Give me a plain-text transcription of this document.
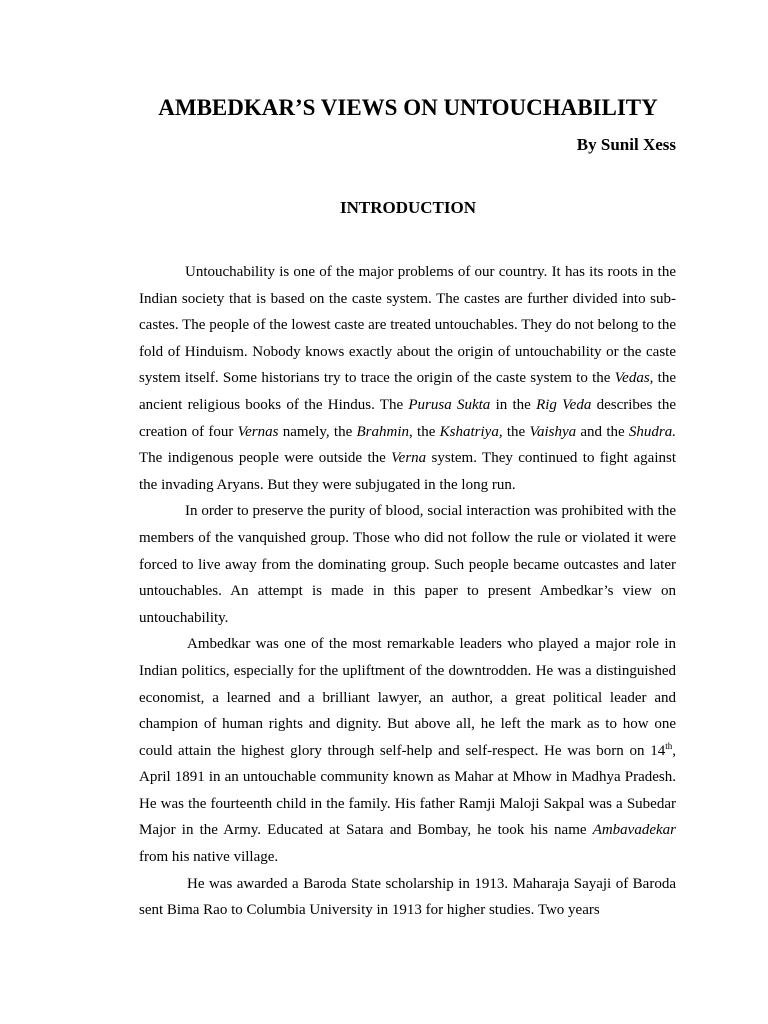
AMBEDKAR’S VIEWS ON UNTOUCHABILITY
By Sunil Xess
INTRODUCTION

Untouchability is one of the major problems of our country. It has its roots in the Indian society that is based on the caste system. The castes are further divided into sub-castes. The people of the lowest caste are treated untouchables. They do not belong to the fold of Hinduism. Nobody knows exactly about the origin of untouchability or the caste system itself. Some historians try to trace the origin of the caste system to the Vedas, the ancient religious books of the Hindus. The Purusa Sukta in the Rig Veda describes the creation of four Vernas namely, the Brahmin, the Kshatriya, the Vaishya and the Shudra. The indigenous people were outside the Verna system. They continued to fight against the invading Aryans. But they were subjugated in the long run.

In order to preserve the purity of blood, social interaction was prohibited with the members of the vanquished group. Those who did not follow the rule or violated it were forced to live away from the dominating group. Such people became outcastes and later untouchables. An attempt is made in this paper to present Ambedkar’s view on untouchability.

Ambedkar was one of the most remarkable leaders who played a major role in Indian politics, especially for the upliftment of the downtrodden. He was a distinguished economist, a learned and a brilliant lawyer, an author, a great political leader and champion of human rights and dignity. But above all, he left the mark as to how one could attain the highest glory through self-help and self-respect. He was born on 14th, April 1891 in an untouchable community known as Mahar at Mhow in Madhya Pradesh. He was the fourteenth child in the family. His father Ramji Maloji Sakpal was a Subedar Major in the Army. Educated at Satara and Bombay, he took his name Ambavadekar from his native village.

He was awarded a Baroda State scholarship in 1913. Maharaja Sayaji of Baroda sent Bima Rao to Columbia University in 1913 for higher studies. Two years
